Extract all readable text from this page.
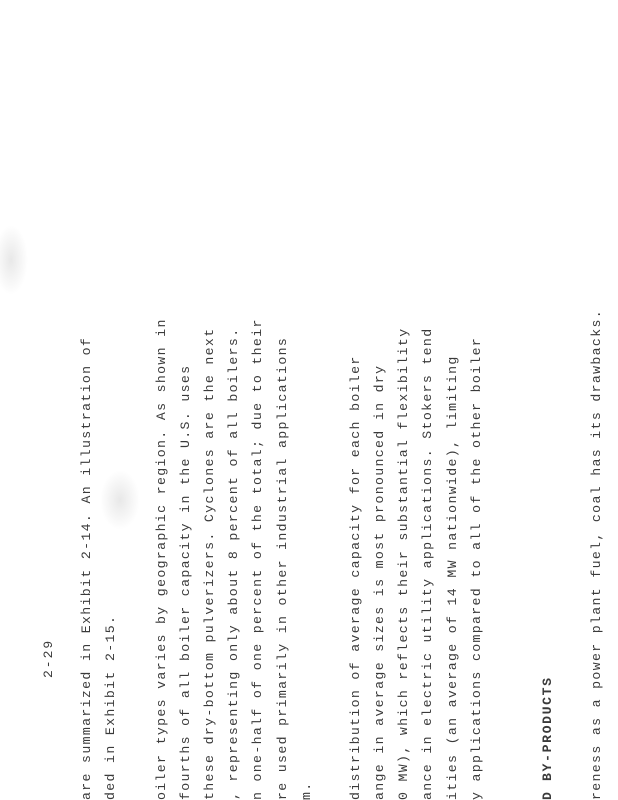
2-29 are summarized in Exhibit 2-14. An illustration of ded in Exhibit 2-15.	oiler types varies by geographic region. As shown in fourths of all boiler capacity in the U.S. uses these dry-bottom pulverizers. Cyclones are the next , representing only about 8 percent of all boilers. n one-half of one percent of the total; due to their re used primarily in other industrial applications m.	distribution of average capacity for each boiler ange in average sizes is most pronounced in dry 0 MW), which reflects their substantial flexibility ance in electric utility applications. Stokers tend ities (an average of 14 MW nationwide), limiting y applications compared to all of the other boiler	D BY-PRODUCTS	reness as a power plant fuel, coal has its drawbacks.
